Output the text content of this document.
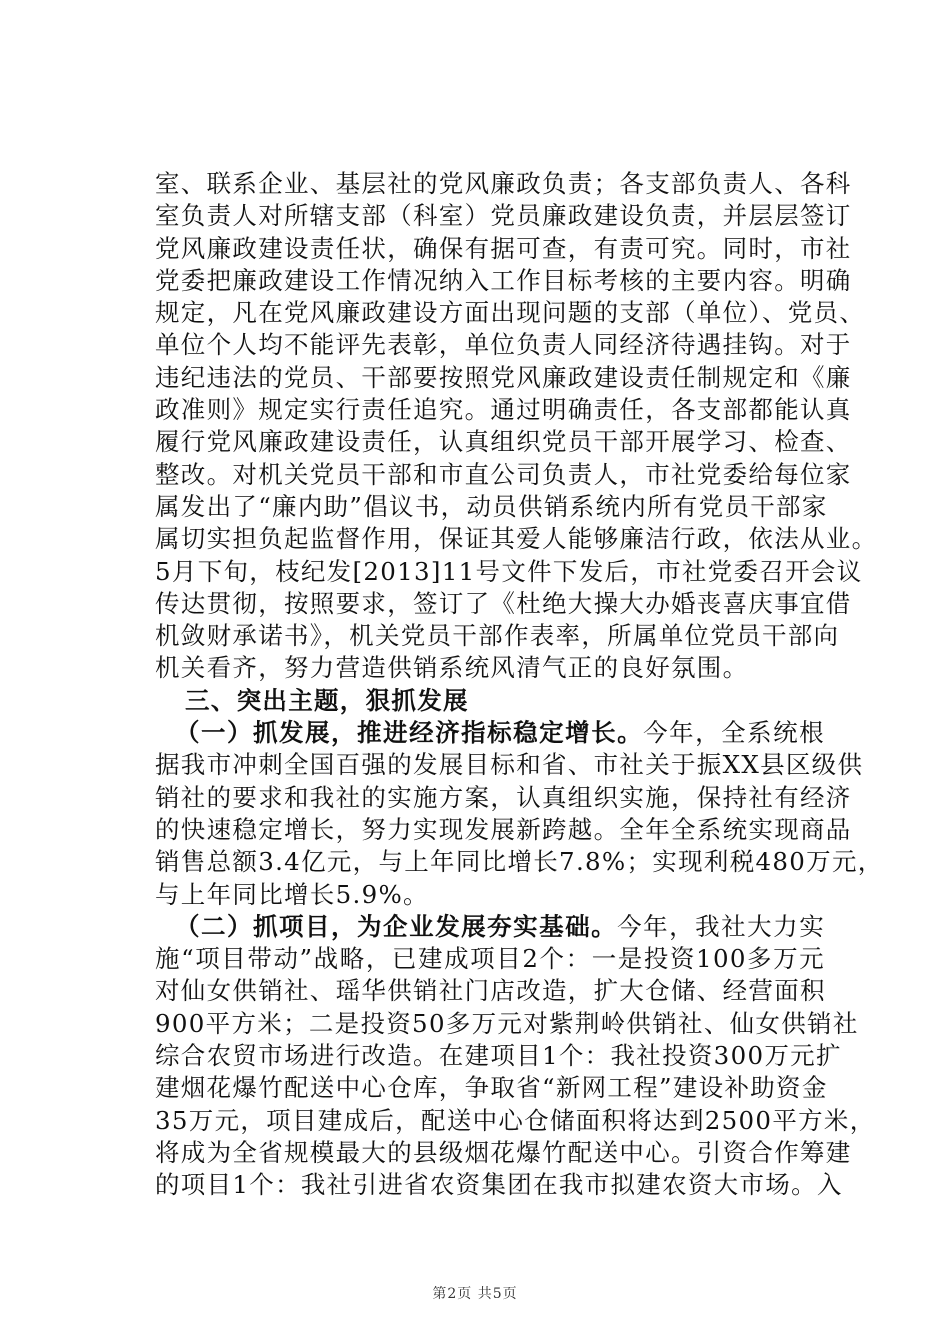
室、联系企业、基层社的党风廉政负责；各支部负责人、各科
室负责人对所辖支部（科室）党员廉政建设负责，并层层签订
党风廉政建设责任状，确保有据可查，有责可究。同时，市社
党委把廉政建设工作情况纳入工作目标考核的主要内容。明确
规定，凡在党风廉政建设方面出现问题的支部（单位）、党员、
单位个人均不能评先表彰，单位负责人同经济待遇挂钩。对于
违纪违法的党员、干部要按照党风廉政建设责任制规定和《廉
政准则》规定实行责任追究。通过明确责任，各支部都能认真
履行党风廉政建设责任，认真组织党员干部开展学习、检查、
整改。对机关党员干部和市直公司负责人，市社党委给每位家
属发出了“廉内助”倡议书，动员供销系统内所有党员干部家
属切实担负起监督作用，保证其爱人能够廉洁行政，依法从业。
5月下旬，枝纪发[2013]11号文件下发后，市社党委召开会议
传达贯彻，按照要求，签订了《杜绝大操大办婚丧喜庆事宜借
机敛财承诺书》，机关党员干部作表率，所属单位党员干部向
机关看齐，努力营造供销系统风清气正的良好氛围。
三、突出主题，狠抓发展
（一）抓发展，推进经济指标稳定增长。今年，全系统根
据我市冲刺全国百强的发展目标和省、市社关于振XX县区级供
销社的要求和我社的实施方案，认真组织实施，保持社有经济
的快速稳定增长，努力实现发展新跨越。全年全系统实现商品
销售总额3.4亿元，与上年同比增长7.8%；实现利税480万元，
与上年同比增长5.9%。
（二）抓项目，为企业发展夯实基础。今年，我社大力实
施“项目带动”战略，已建成项目2个：一是投资100多万元
对仙女供销社、瑶华供销社门店改造，扩大仓储、经营面积
900平方米；二是投资50多万元对紫荆岭供销社、仙女供销社
综合农贸市场进行改造。在建项目1个：我社投资300万元扩
建烟花爆竹配送中心仓库，争取省“新网工程”建设补助资金
35万元，项目建成后，配送中心仓储面积将达到2500平方米，
将成为全省规模最大的县级烟花爆竹配送中心。引资合作筹建
的项目1个：我社引进省农资集团在我市拟建农资大市场。入
第2页 共5页
